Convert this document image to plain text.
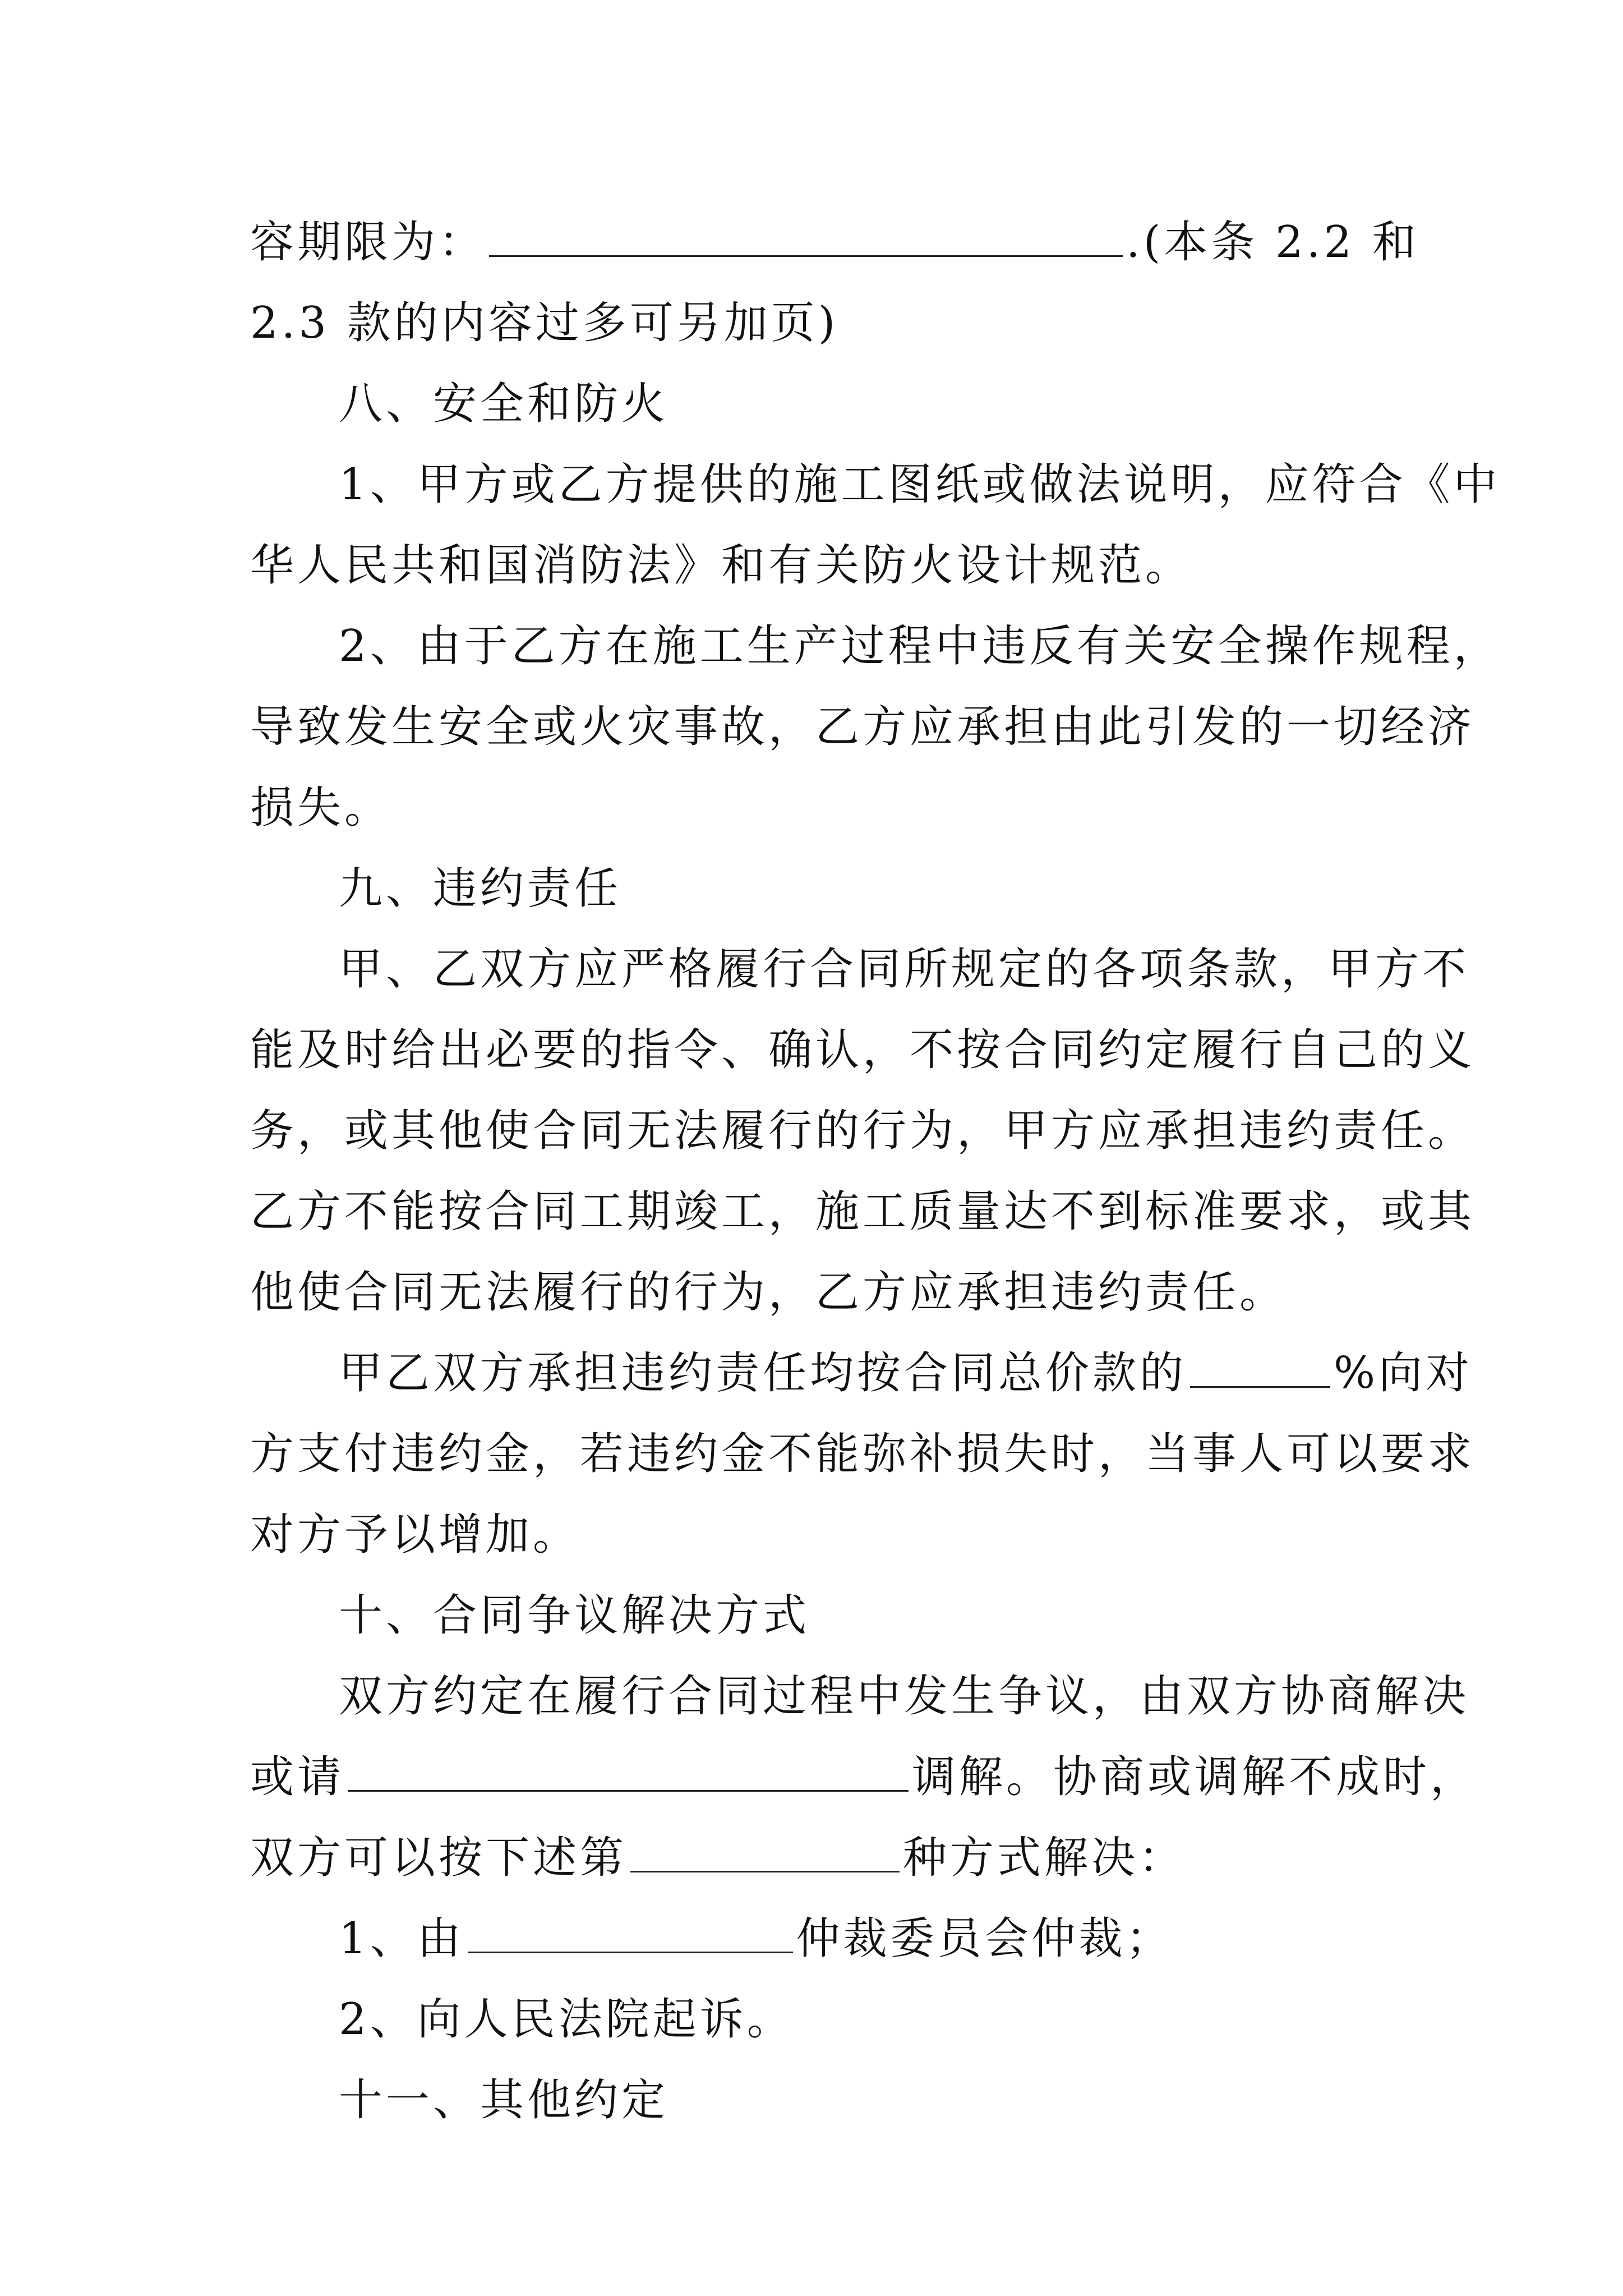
容期限为：	.(本条 2.2 和
2.3 款的内容过多可另加页)
八、安全和防火
1、甲方或乙方提供的施工图纸或做法说明，应符合《中
华人民共和国消防法》和有关防火设计规范。
2、由于乙方在施工生产过程中违反有关安全操作规程，
导致发生安全或火灾事故，乙方应承担由此引发的一切经济
损失。
九、违约责任
甲、乙双方应严格履行合同所规定的各项条款，甲方不
能及时给出必要的指令、确认，不按合同约定履行自己的义
务，或其他使合同无法履行的行为，甲方应承担违约责任。
乙方不能按合同工期竣工，施工质量达不到标准要求，或其
他使合同无法履行的行为，乙方应承担违约责任。
甲乙双方承担违约责任均按合同总价款的	%向对
方支付违约金，若违约金不能弥补损失时，当事人可以要求
对方予以增加。
十、合同争议解决方式
双方约定在履行合同过程中发生争议，由双方协商解决
或请	调解。协商或调解不成时，
双方可以按下述第	种方式解决：
1、由	仲裁委员会仲裁；
2、向人民法院起诉。
十一、其他约定
